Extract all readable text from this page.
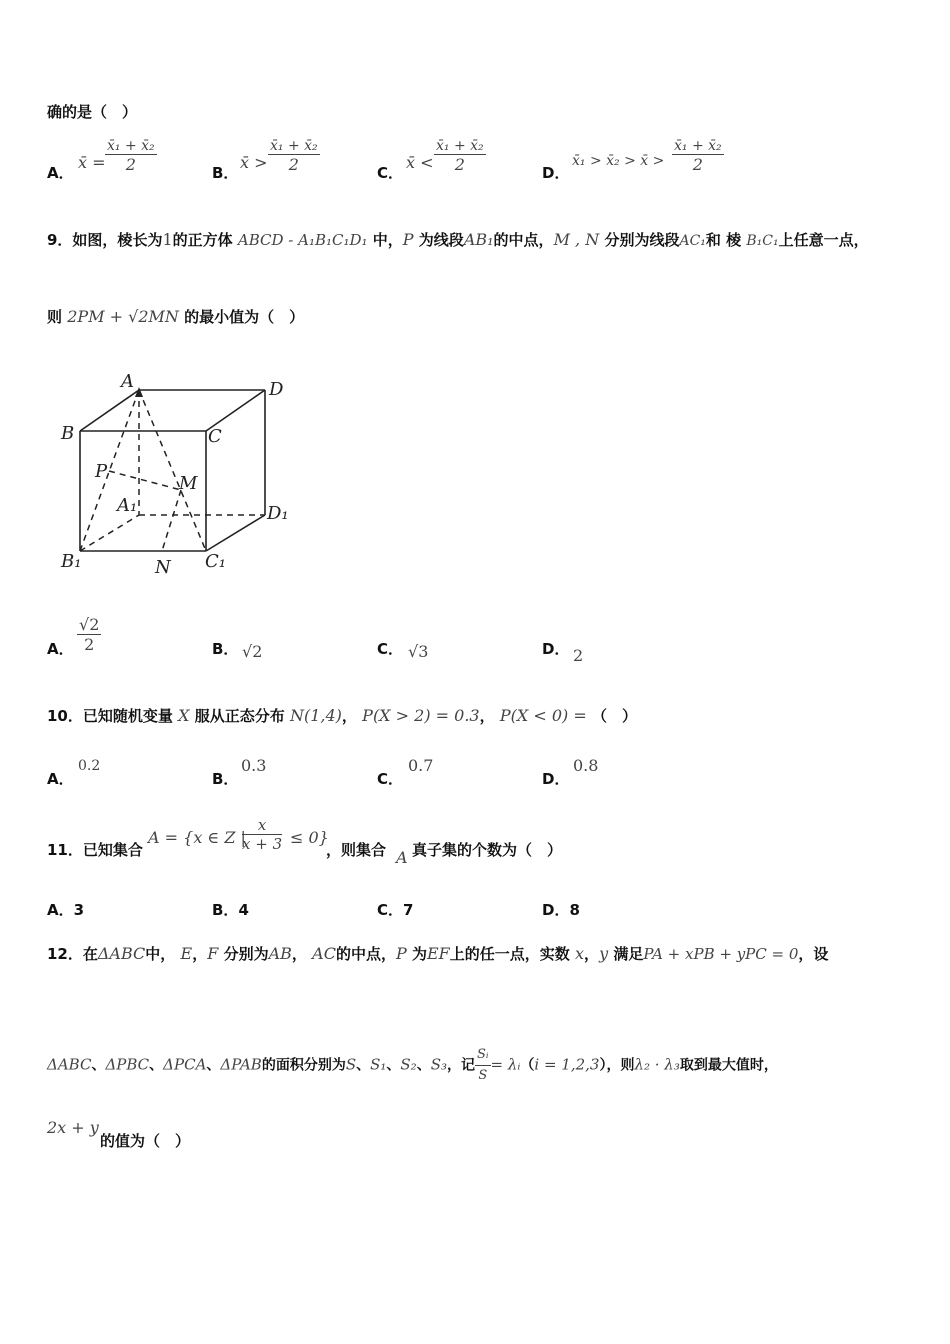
确的是（　）
A．
x̄ = $\frac{\text{x̄₁ + x̄₂}}{2}$	B．
x̄ > $\frac{\text{x̄₁ + x̄₂}}{2}$	C．
x̄ < $\frac{\text{x̄₁ + x̄₂}}{2}$	D．
x̄₁ > x̄₂ > x̄ > $\frac{\text{x̄₁ + x̄₂}}{2}$
9．如图，棱长为1的正方体 ABCD - A₁B₁C₁D₁ 中，P 为线段AB₁的中点，M , N 分别为线段AC₁和 棱 B₁C₁上任意一点，
则 2PM + √2MN 的最小值为（　）
A	D
B	C
P
M
A₁	D₁
B₁	N C₁
A． $\frac{√2}{2}$	B． √2	C． √3	D． 2
10．已知随机变量 X 服从正态分布 N(1,4)， P(X > 2) = 0.3， P(X < 0) = （　）
A．
0.2
B．
0.3
C．
0.7
D．
0.8
11．已知集合
A = {x ∈ Z |
$\frac{x}{x + 3} \le 0$}
，则集合 A 真子集的个数为（　）
A．3	B．4	C．7	D．8
12．在ΔABC中， E，F 分别为AB， AC的中点，P 为EF上的任一点，实数 x，y 满足PA + xPB + yPC = 0，设
ΔABC、ΔPBC、ΔPCA、ΔPAB的面积分别为S、S₁、S₂、S₃，记 $\frac{\text{Sᵢ}}{S}$ = λᵢ（i = 1,2,3），则λ₂ · λ₃取到最大值时，
2x + y
的值为（　）
